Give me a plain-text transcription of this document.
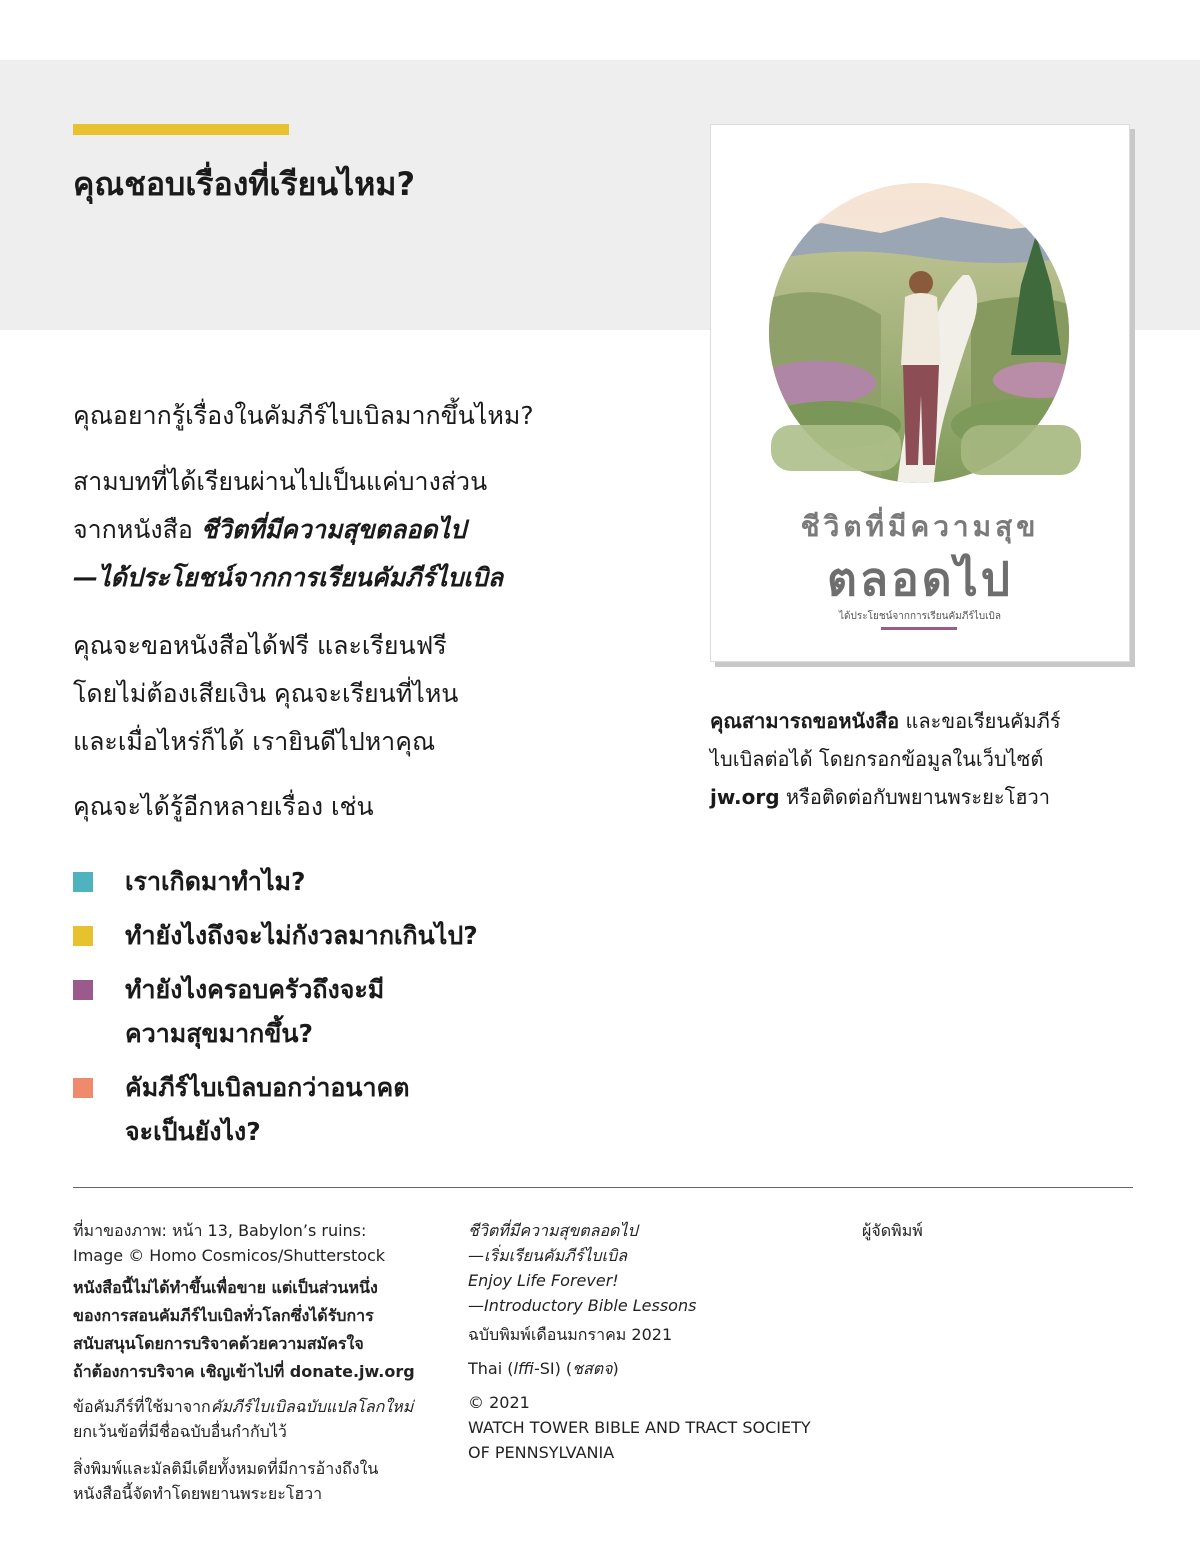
คุณชอบเรื่องที่เรียนไหม?

คุณอยากรู้เรื่องในคัมภีร์ไบเบิลมากขึ้นไหม?

สามบทที่ได้เรียนผ่านไปเป็นแค่บางส่วน
จากหนังสือ ชีวิตที่มีความสุขตลอดไป
—ได้ประโยชน์จากการเรียนคัมภีร์ไบเบิล

คุณจะขอหนังสือได้ฟรี และเรียนฟรี
โดยไม่ต้องเสียเงิน คุณจะเรียนที่ไหน
และเมื่อไหร่ก็ได้ เรายินดีไปหาคุณ

คุณจะได้รู้อีกหลายเรื่อง เช่น

เราเกิดมาทำไม?
ทำยังไงถึงจะไม่กังวลมากเกินไป?
ทำยังไงครอบครัวถึงจะมี
ความสุขมากขึ้น?
คัมภีร์ไบเบิลบอกว่าอนาคต
จะเป็นยังไง?

ชีวิตที่มีความสุข

ตลอดไป

ได้ประโยชน์จากการเรียนคัมภีร์ไบเบิล

คุณสามารถขอหนังสือ และขอเรียนคัมภีร์
ไบเบิลต่อได้ โดยกรอกข้อมูลในเว็บไซต์
jw.org หรือติดต่อกับพยานพระยะโฮวา

ที่มาของภาพ: หน้า 13, Babylon’s ruins:
Image © Homo Cosmicos/Shutterstock

หนังสือนี้ไม่ได้ทำขึ้นเพื่อขาย แต่เป็นส่วนหนึ่ง
ของการสอนคัมภีร์ไบเบิลทั่วโลกซึ่งได้รับการ
สนับสนุนโดยการบริจาคด้วยความสมัครใจ
ถ้าต้องการบริจาค เชิญเข้าไปที่ donate.jw.org

ข้อคัมภีร์ที่ใช้มาจากคัมภีร์ไบเบิลฉบับแปลโลกใหม่
ยกเว้นข้อที่มีชื่อฉบับอื่นกำกับไว้

สิ่งพิมพ์และมัลติมีเดียทั้งหมดที่มีการอ้างถึงใน
หนังสือนี้จัดทำโดยพยานพระยะโฮวา

ชีวิตที่มีความสุขตลอดไป
—เริ่มเรียนคัมภีร์ไบเบิล
Enjoy Life Forever!
—Introductory Bible Lessons

ฉบับพิมพ์เดือนมกราคม 2021

Thai (lffi-SI) (ชสตจ)

© 2021
WATCH TOWER BIBLE AND TRACT SOCIETY
OF PENNSYLVANIA

ผู้จัดพิมพ์
